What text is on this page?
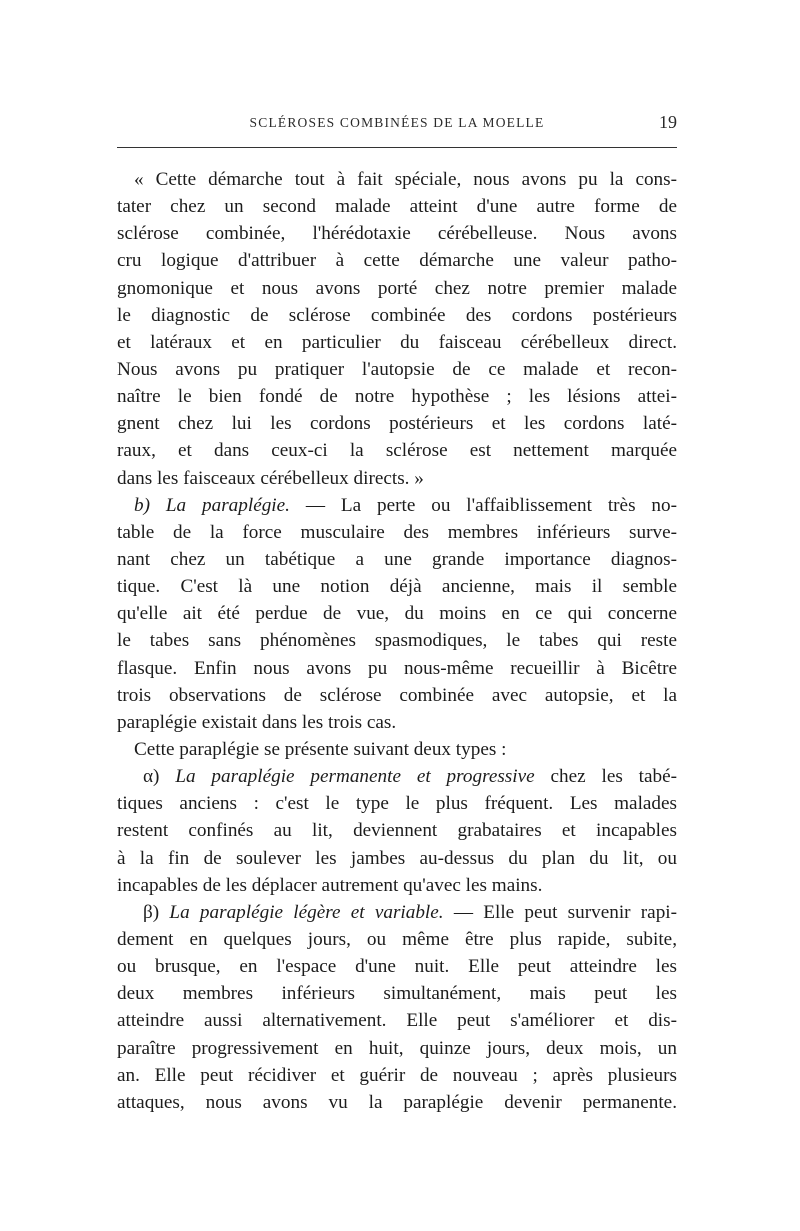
SCLÉROSES COMBINÉES DE LA MOELLE	19
« Cette démarche tout à fait spéciale, nous avons pu la cons-
tater chez un second malade atteint d'une autre forme de
sclérose combinée, l'hérédotaxie cérébelleuse. Nous avons
cru logique d'attribuer à cette démarche une valeur patho-
gnomonique et nous avons porté chez notre premier malade
le diagnostic de sclérose combinée des cordons postérieurs
et latéraux et en particulier du faisceau cérébelleux direct.
Nous avons pu pratiquer l'autopsie de ce malade et recon-
naître le bien fondé de notre hypothèse ; les lésions attei-
gnent chez lui les cordons postérieurs et les cordons laté-
raux, et dans ceux-ci la sclérose est nettement marquée
dans les faisceaux cérébelleux directs. »
b) La paraplégie. — La perte ou l'affaiblissement très no-
table de la force musculaire des membres inférieurs surve-
nant chez un tabétique a une grande importance diagnos-
tique. C'est là une notion déjà ancienne, mais il semble
qu'elle ait été perdue de vue, du moins en ce qui concerne
le tabes sans phénomènes spasmodiques, le tabes qui reste
flasque. Enfin nous avons pu nous-même recueillir à Bicêtre
trois observations de sclérose combinée avec autopsie, et la
paraplégie existait dans les trois cas.
Cette paraplégie se présente suivant deux types :
α) La paraplégie permanente et progressive chez les tabé-
tiques anciens : c'est le type le plus fréquent. Les malades
restent confinés au lit, deviennent grabataires et incapables
à la fin de soulever les jambes au-dessus du plan du lit, ou
incapables de les déplacer autrement qu'avec les mains.
β) La paraplégie légère et variable. — Elle peut survenir rapi-
dement en quelques jours, ou même être plus rapide, subite,
ou brusque, en l'espace d'une nuit. Elle peut atteindre les
deux membres inférieurs simultanément, mais peut les
atteindre aussi alternativement. Elle peut s'améliorer et dis-
paraître progressivement en huit, quinze jours, deux mois, un
an. Elle peut récidiver et guérir de nouveau ; après plusieurs
attaques, nous avons vu la paraplégie devenir permanente.
